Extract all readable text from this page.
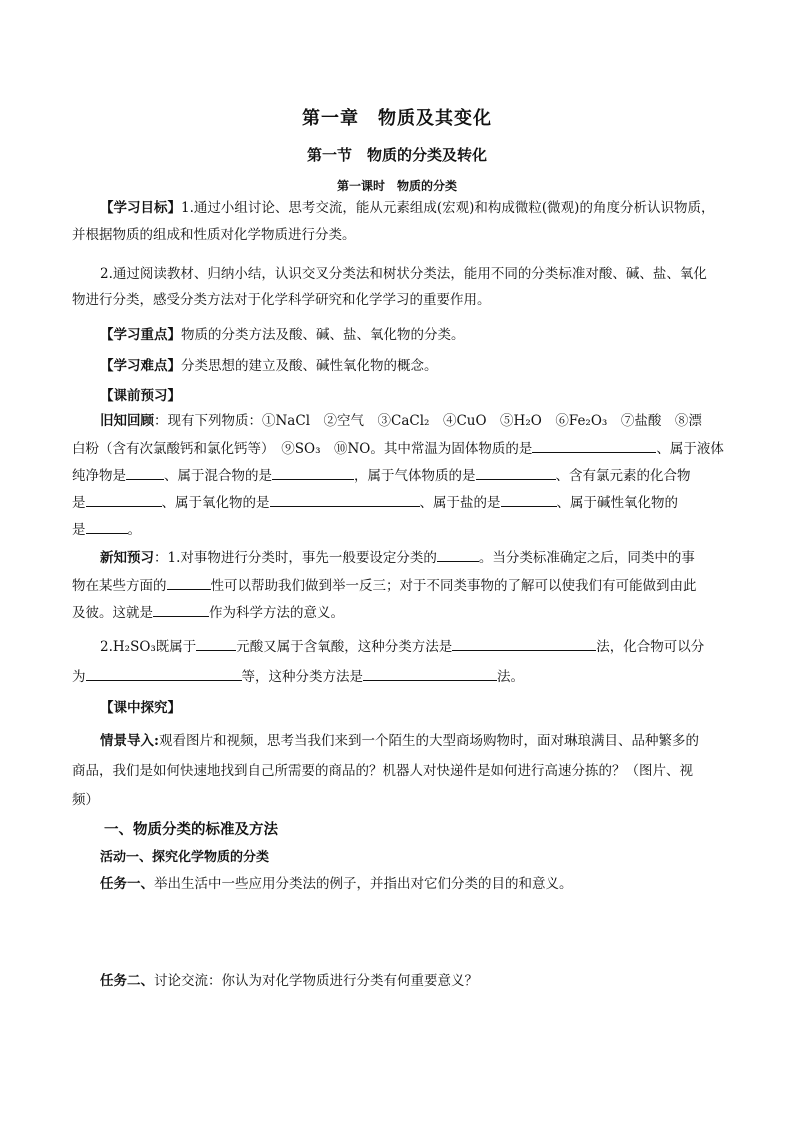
第一章　物质及其变化
第一节　物质的分类及转化
第一课时　物质的分类
【学习目标】1.通过小组讨论、思考交流，能从元素组成(宏观)和构成微粒(微观)的角度分析认识物质，
并根据物质的组成和性质对化学物质进行分类。
2.通过阅读教材、归纳小结，认识交叉分类法和树状分类法，能用不同的分类标准对酸、碱、盐、氧化
物进行分类，感受分类方法对于化学科学研究和化学学习的重要作用。
【学习重点】物质的分类方法及酸、碱、盐、氧化物的分类。
【学习难点】分类思想的建立及酸、碱性氧化物的概念。
【课前预习】
旧知回顾：现有下列物质：①NaCl　 ②空气　 ③CaCl₂　 ④CuO　 ⑤H₂O　 ⑥Fe₂O₃　 ⑦盐酸　 ⑧漂
白粉（含有次氯酸钙和氯化钙等）　 ⑨SO₃　 ⑩NO。其中常温为固体物质的是	、属于液体
纯净物是	、属于混合物的是	，属于气体物质的是	、含有氯元素的化合物
是	、属于氧化物的是	、属于盐的是	、属于碱性氧化物的
是	。
新知预习：1.对事物进行分类时，事先一般要设定分类的	。当分类标准确定之后，同类中的事
物在某些方面的	性可以帮助我们做到举一反三；对于不同类事物的了解可以使我们有可能做到由此
及彼。这就是	作为科学方法的意义。
2.H₂SO₃既属于	元酸又属于含氧酸，这种分类方法是	法，化合物可以分
为	等，这种分类方法是	法。
【课中探究】
情景导入:观看图片和视频，思考当我们来到一个陌生的大型商场购物时，面对琳琅满目、品种繁多的
商品，我们是如何快速地找到自己所需要的商品的？机器人对快递件是如何进行高速分拣的？（图片、视
频）
一、物质分类的标准及方法
活动一、探究化学物质的分类
任务一、举出生活中一些应用分类法的例子，并指出对它们分类的目的和意义。
任务二、讨论交流：你认为对化学物质进行分类有何重要意义？
